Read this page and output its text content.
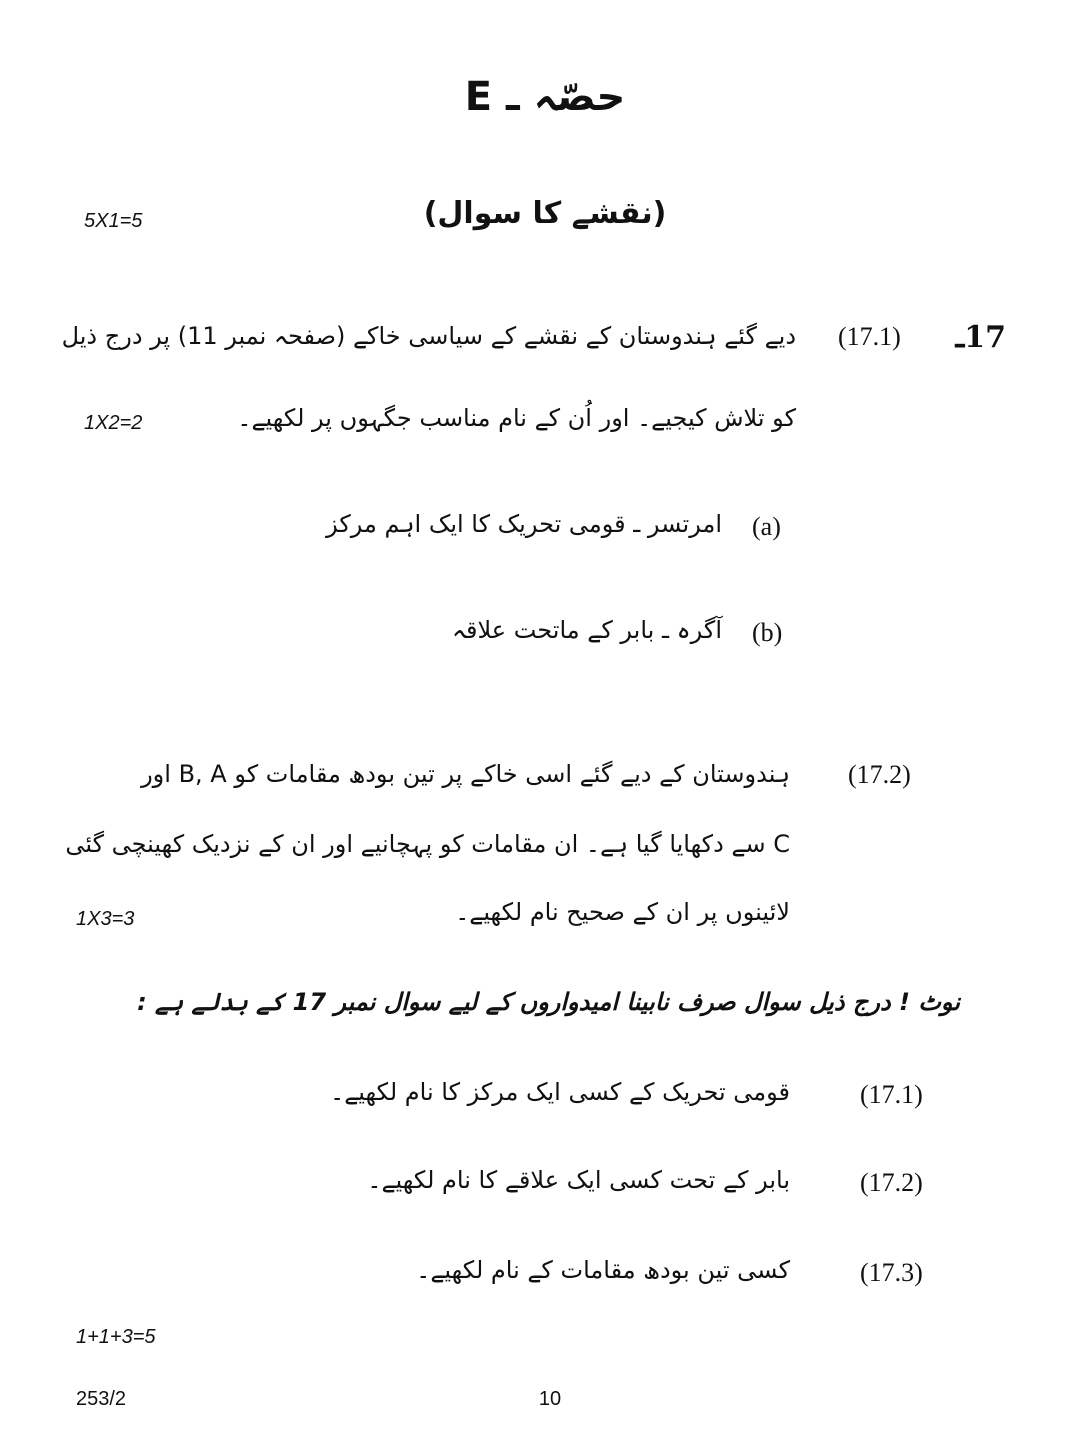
حصّہ ـ E
(نقشے کا سوال)
5X1=5
17ـ
(17.1)
دیے گئے ہندوستان کے نقشے کے سیاسی خاکے (صفحہ نمبر 11) پر درج ذیل
کو تلاش کیجیے۔ اور اُن کے نام مناسب جگہوں پر لکھیے۔
1X2=2
(a)
امرتسر ـ قومی تحریک کا ایک اہم مرکز
(b)
آگرہ ـ بابر کے ماتحت علاقہ
(17.2)
ہندوستان کے دیے گئے اسی خاکے پر تین بودھ مقامات کو B, A اور
C سے دکھایا گیا ہے۔ ان مقامات کو پہچانیے اور ان کے نزدیک کھینچی گئی
لائینوں پر ان کے صحیح نام لکھیے۔
1X3=3
نوٹ ! درج ذیل سوال صرف نابینا امیدواروں کے لیے سوال نمبر 17 کے بدلے ہے :
(17.1)
قومی تحریک کے کسی ایک مرکز کا نام لکھیے۔
(17.2)
بابر کے تحت کسی ایک علاقے کا نام لکھیے۔
(17.3)
کسی تین بودھ مقامات کے نام لکھیے۔
1+1+3=5
253/2	10
